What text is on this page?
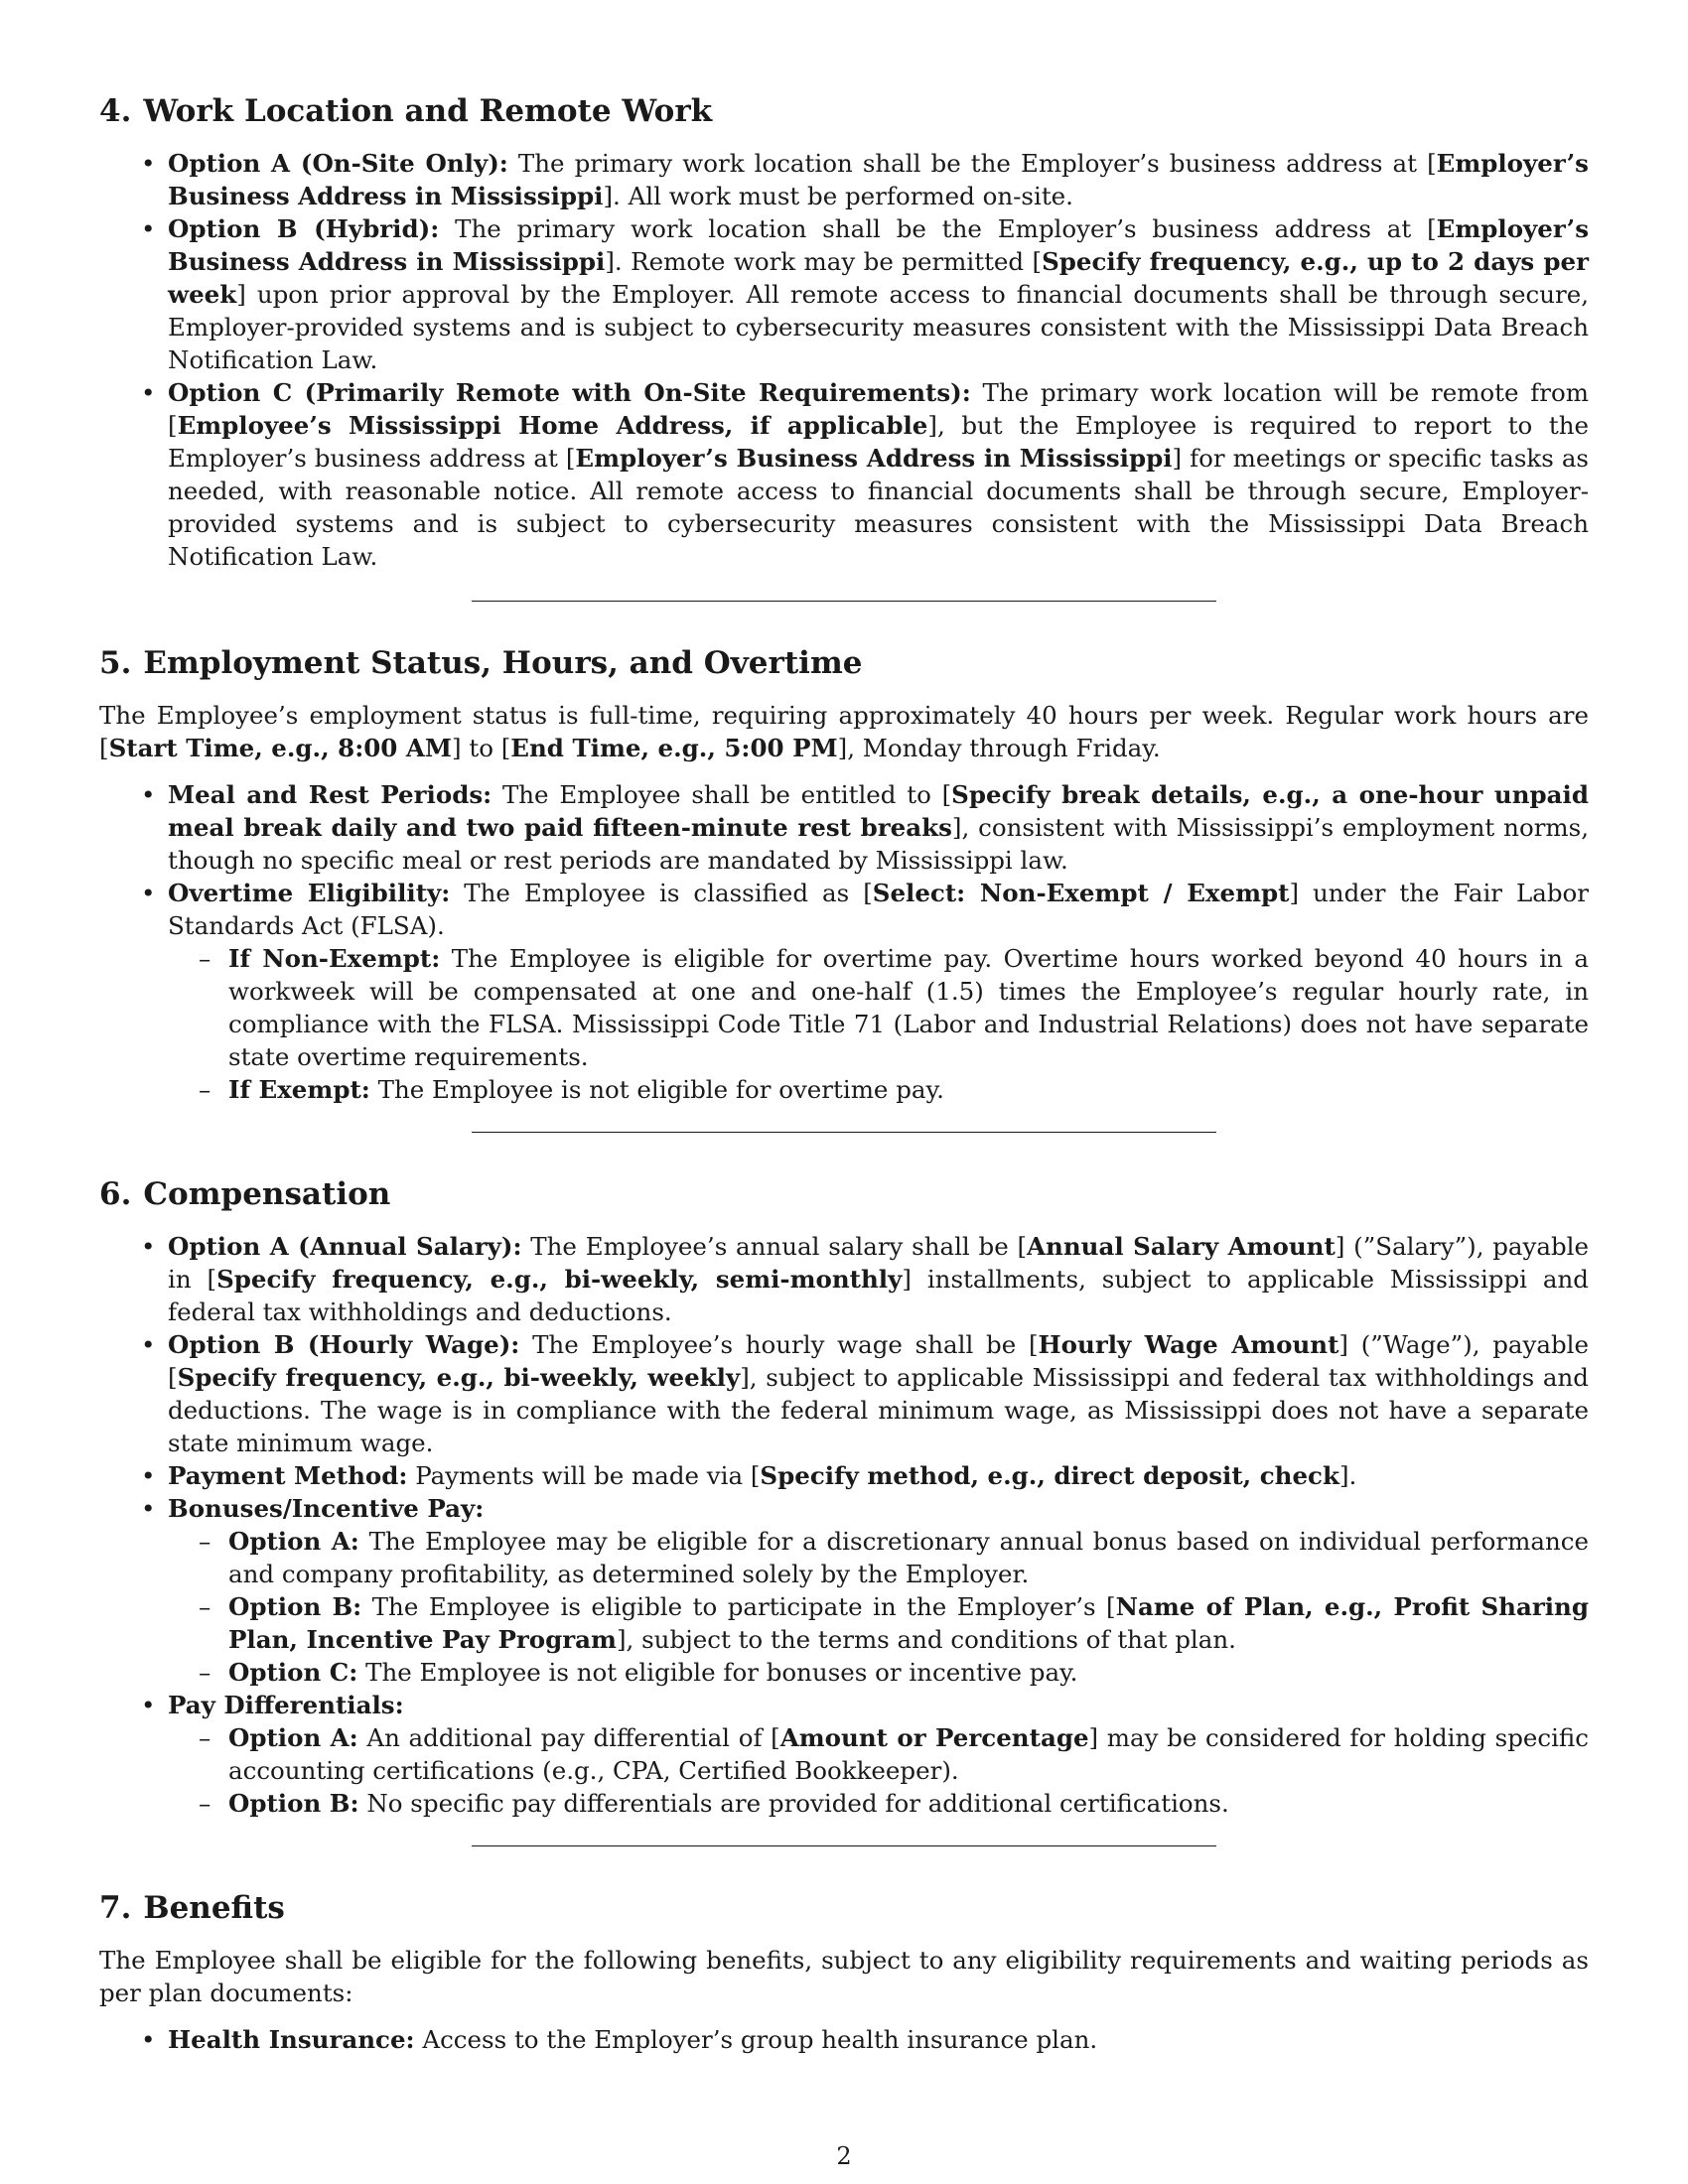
4. Work Location and Remote Work
• Option A (On-Site Only): The primary work location shall be the Employer’s business address at [Employer’s Business Address in Mississippi]. All work must be performed on-site.
• Option B (Hybrid): The primary work location shall be the Employer’s business address at [Employer’s Business Address in Mississippi]. Remote work may be permitted [Specify frequency, e.g., up to 2 days per week] upon prior approval by the Employer. All remote access to financial documents shall be through secure, Employer-provided systems and is subject to cybersecurity measures consistent with the Mississippi Data Breach Notification Law.
• Option C (Primarily Remote with On-Site Requirements): The primary work location will be remote from [Employee’s Mississippi Home Address, if applicable], but the Employee is required to report to the Employer’s business address at [Employer’s Business Address in Mississippi] for meetings or specific tasks as needed, with reasonable notice. All remote access to financial documents shall be through secure, Employer-provided systems and is subject to cybersecurity measures consistent with the Mississippi Data Breach Notification Law.
5. Employment Status, Hours, and Overtime

The Employee’s employment status is full-time, requiring approximately 40 hours per week. Regular work hours are [Start Time, e.g., 8:00 AM] to [End Time, e.g., 5:00 PM], Monday through Friday.

• Meal and Rest Periods: The Employee shall be entitled to [Specify break details, e.g., a one-hour unpaid meal break daily and two paid fifteen-minute rest breaks], consistent with Mississippi’s employment norms, though no specific meal or rest periods are mandated by Mississippi law.
• Overtime Eligibility: The Employee is classified as [Select: Non-Exempt / Exempt] under the Fair Labor Standards Act (FLSA).
– If Non-Exempt: The Employee is eligible for overtime pay. Overtime hours worked beyond 40 hours in a workweek will be compensated at one and one-half (1.5) times the Employee’s regular hourly rate, in compliance with the FLSA. Mississippi Code Title 71 (Labor and Industrial Relations) does not have separate state overtime requirements.
– If Exempt: The Employee is not eligible for overtime pay.
6. Compensation
• Option A (Annual Salary): The Employee’s annual salary shall be [Annual Salary Amount] (”Salary”), payable in [Specify frequency, e.g., bi-weekly, semi-monthly] installments, subject to applicable Mississippi and federal tax withholdings and deductions.
• Option B (Hourly Wage): The Employee’s hourly wage shall be [Hourly Wage Amount] (”Wage”), payable [Specify frequency, e.g., bi-weekly, weekly], subject to applicable Mississippi and federal tax withholdings and deductions. The wage is in compliance with the federal minimum wage, as Mississippi does not have a separate state minimum wage.
• Payment Method: Payments will be made via [Specify method, e.g., direct deposit, check].
• Bonuses/Incentive Pay:
– Option A: The Employee may be eligible for a discretionary annual bonus based on individual performance and company profitability, as determined solely by the Employer.
– Option B: The Employee is eligible to participate in the Employer’s [Name of Plan, e.g., Profit Sharing Plan, Incentive Pay Program], subject to the terms and conditions of that plan.
– Option C: The Employee is not eligible for bonuses or incentive pay.
• Pay Differentials:
– Option A: An additional pay differential of [Amount or Percentage] may be considered for holding specific accounting certifications (e.g., CPA, Certified Bookkeeper).
– Option B: No specific pay differentials are provided for additional certifications.
7. Benefits

The Employee shall be eligible for the following benefits, subject to any eligibility requirements and waiting periods as per plan documents:

• Health Insurance: Access to the Employer’s group health insurance plan.
2
